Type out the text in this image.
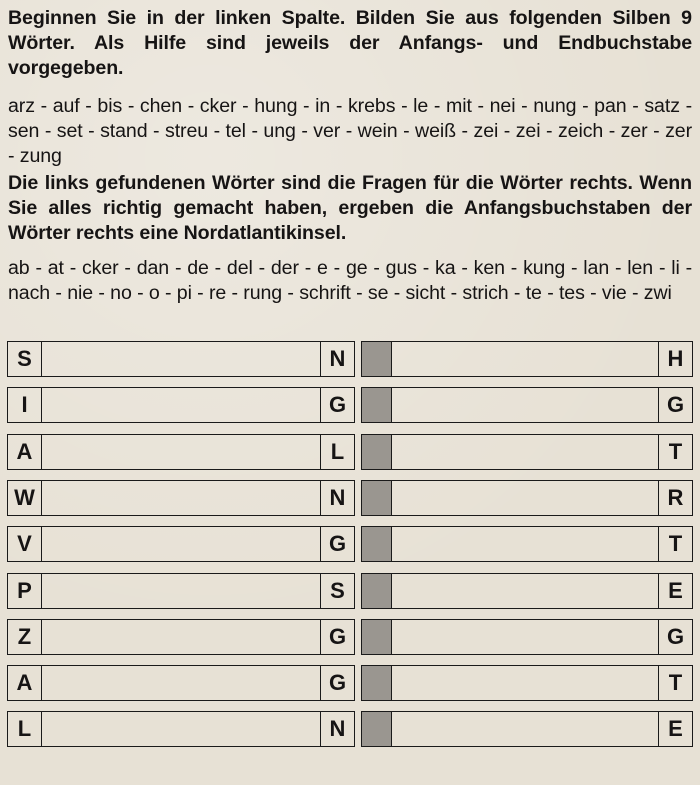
Beginnen Sie in der linken Spalte. Bilden Sie aus folgenden Silben 9 Wörter. Als Hilfe sind jeweils der Anfangs- und Endbuchstabe vorgegeben.
arz - auf - bis - chen - cker - hung - in - krebs - le - mit - nei - nung - pan - satz - sen - set - stand - streu - tel - ung - ver - wein - weiß - zei - zei - zeich - zer - zer - zung
Die links gefundenen Wörter sind die Fragen für die Wörter rechts. Wenn Sie alles richtig gemacht haben, ergeben die Anfangsbuchstaben der Wörter rechts eine Nordatlantikinsel.
ab - at - cker - dan - de - del - der - e - ge - gus - ka - ken - kung - lan - len - li - nach - nie - no - o - pi - re - rung - schrift - se - sicht - strich - te - tes - vie - zwi
S	N	H
I	G	G
A	L	T
W	N	R
V	G	T
P	S	E
Z	G	G
A	G	T
L	N	E
